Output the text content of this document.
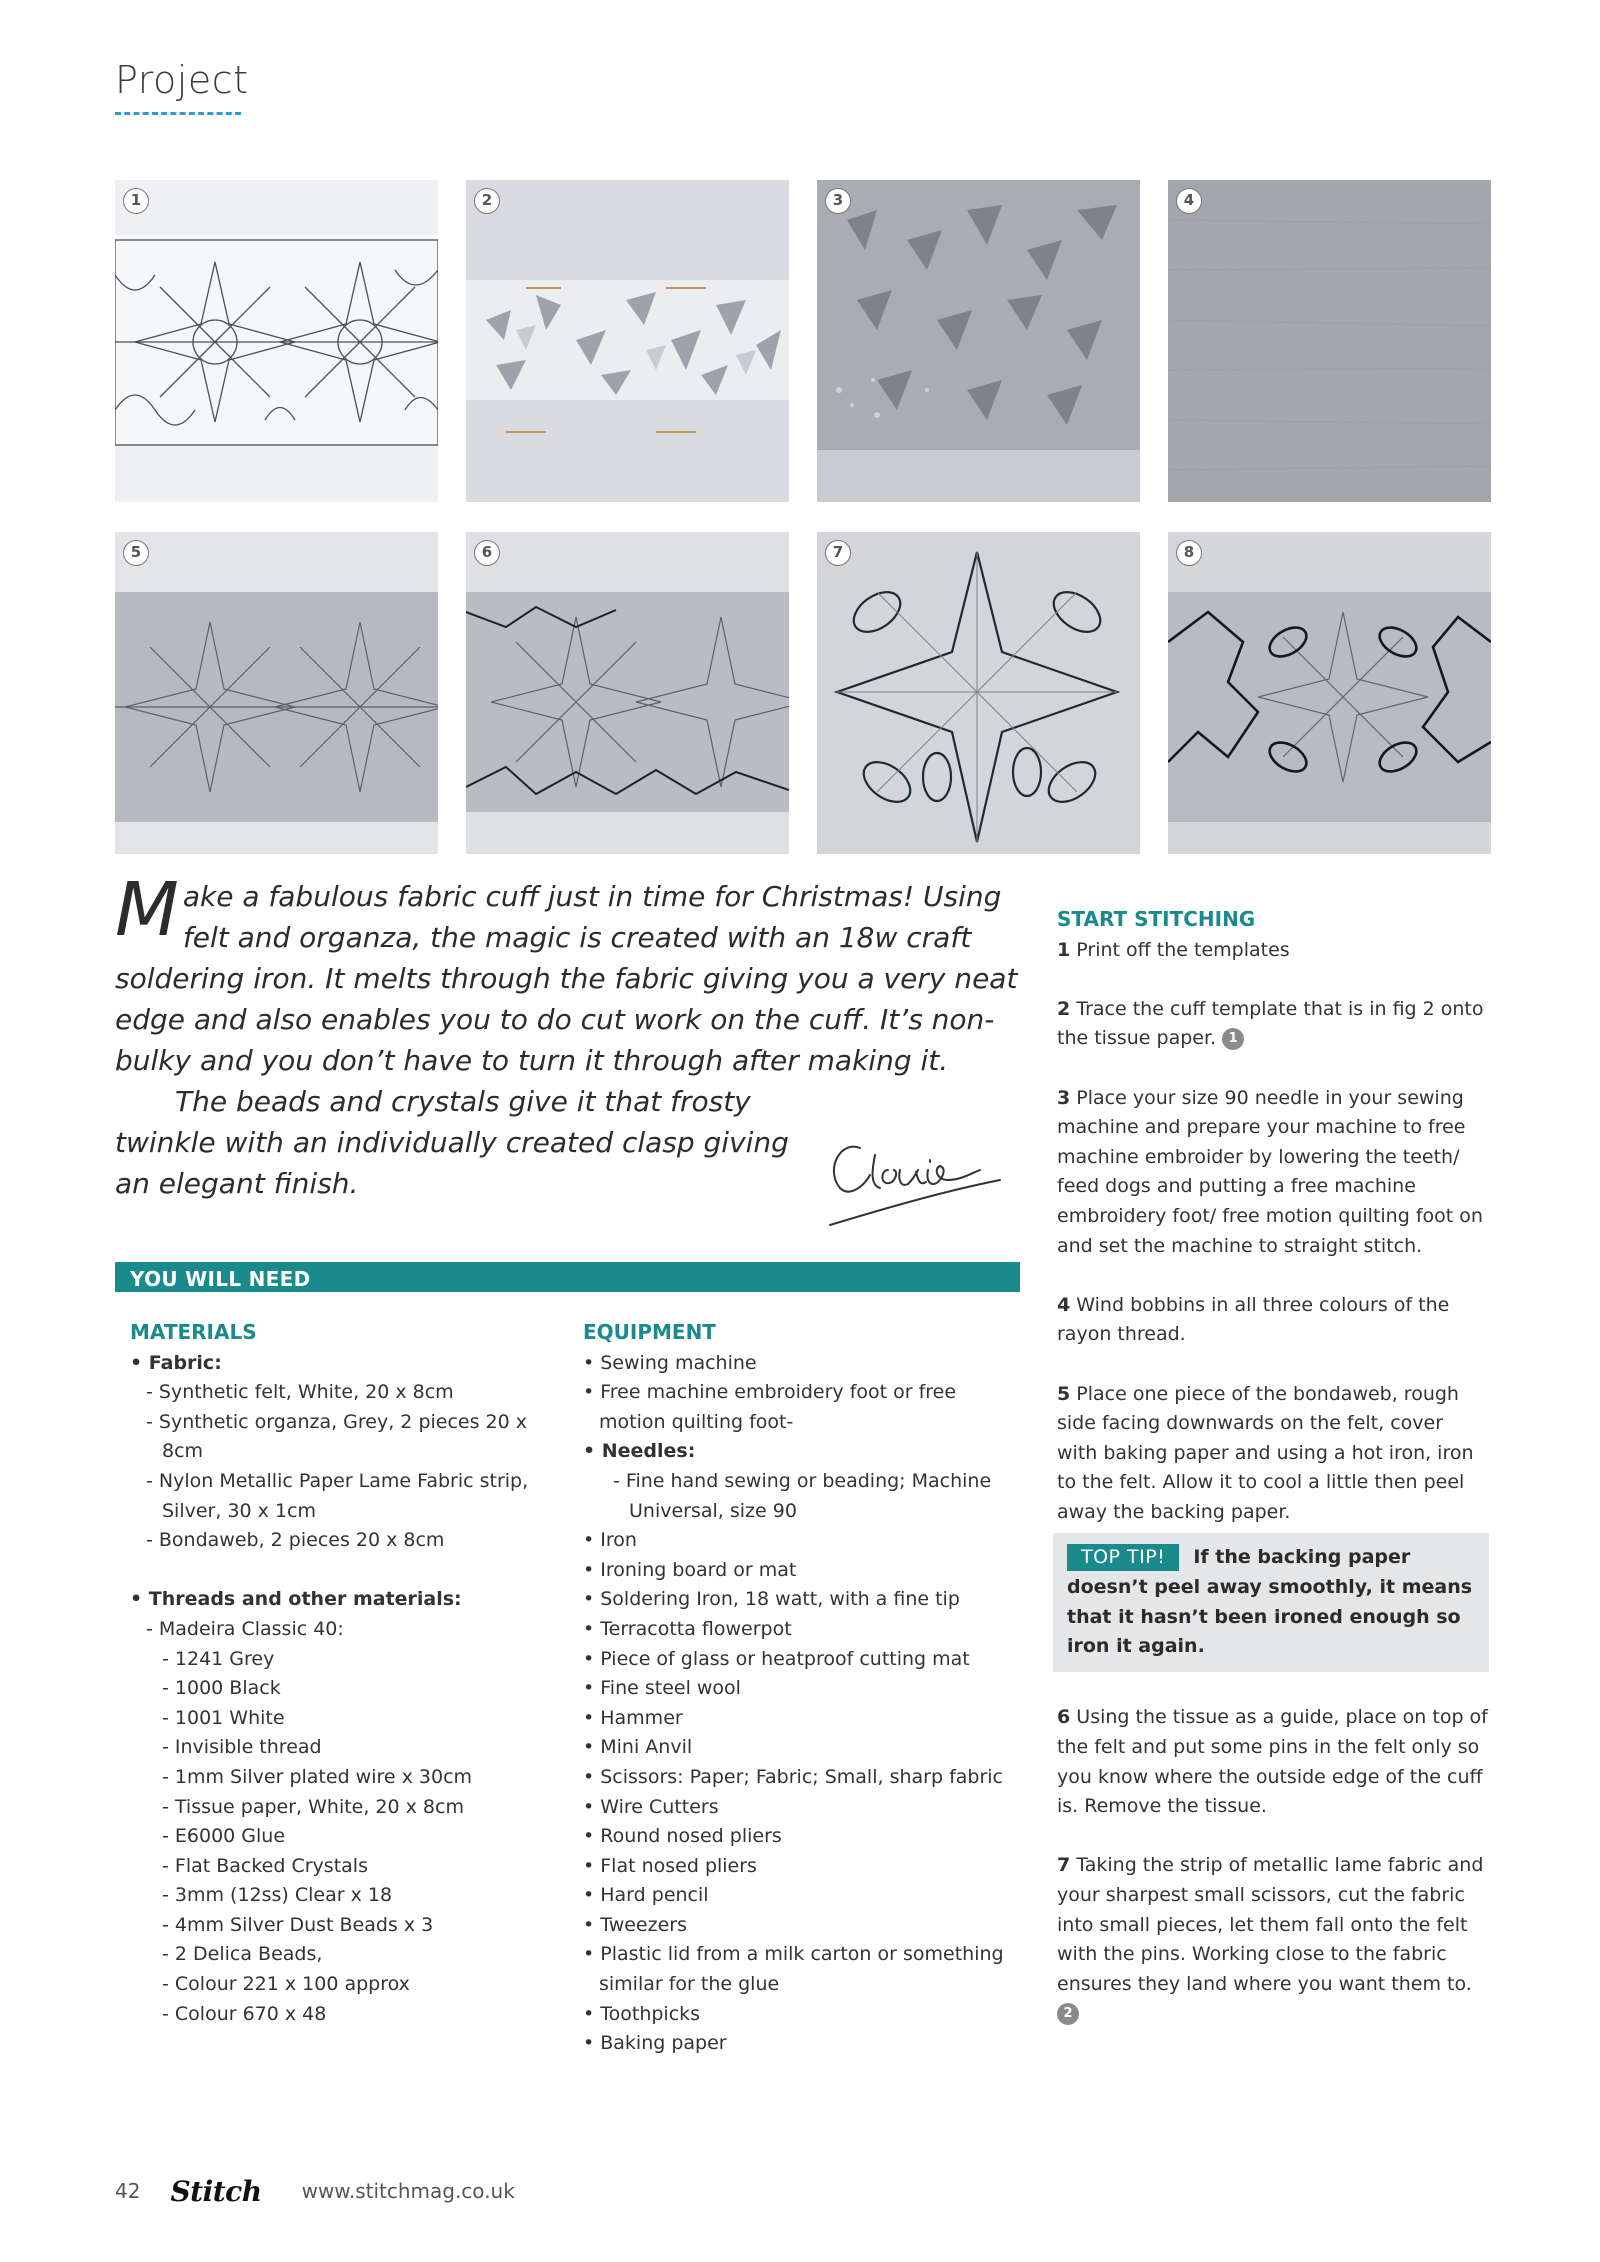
Project
1	2	3	4
5	6	7	8

Make a fabulous fabric cuff just in time for Christmas! Using felt and organza, the magic is created with an 18w craft soldering iron. It melts through the fabric giving you a very neat edge and also enables you to do cut work on the cuff. It’s non-bulky and you don’t have to turn it through after making it.

The beads and crystals give it that frosty twinkle with an individually created clasp giving an elegant finish.

YOU WILL NEED
MATERIALS
• Fabric:
- Synthetic felt, White, 20 x 8cm
- Synthetic organza, Grey, 2 pieces 20 x 8cm
- Nylon Metallic Paper Lame Fabric strip, Silver, 30 x 1cm
- Bondaweb, 2 pieces 20 x 8cm
• Threads and other materials:
- Madeira Classic 40:
- 1241 Grey
- 1000 Black
- 1001 White
- Invisible thread
- 1mm Silver plated wire x 30cm
- Tissue paper, White, 20 x 8cm
- E6000 Glue
- Flat Backed Crystals
- 3mm (12ss) Clear x 18
- 4mm Silver Dust Beads x 3
- 2 Delica Beads,
- Colour 221 x 100 approx
- Colour 670 x 48
EQUIPMENT
• Sewing machine
• Free machine embroidery foot or free motion quilting foot-
• Needles:
- Fine hand sewing or beading; Machine Universal, size 90
• Iron
• Ironing board or mat
• Soldering Iron, 18 watt, with a fine tip
• Terracotta flowerpot
• Piece of glass or heatproof cutting mat
• Fine steel wool
• Hammer
• Mini Anvil
• Scissors: Paper; Fabric; Small, sharp fabric
• Wire Cutters
• Round nosed pliers
• Flat nosed pliers
• Hard pencil
• Tweezers
• Plastic lid from a milk carton or something similar for the glue
• Toothpicks
• Baking paper
START STITCHING
1 Print off the templates
2 Trace the cuff template that is in fig 2 onto the tissue paper. 1
3 Place your size 90 needle in your sewing machine and prepare your machine to free machine embroider by lowering the teeth/ feed dogs and putting a free machine embroidery foot/ free motion quilting foot on and set the machine to straight stitch.
4 Wind bobbins in all three colours of the rayon thread.
5 Place one piece of the bondaweb, rough side facing downwards on the felt, cover with baking paper and using a hot iron, iron to the felt. Allow it to cool a little then peel away the backing paper.
TOP TIP! If the backing paper doesn’t peel away smoothly, it means that it hasn’t been ironed enough so iron it again.
6 Using the tissue as a guide, place on top of the felt and put some pins in the felt only so you know where the outside edge of the cuff is. Remove the tissue.
7 Taking the strip of metallic lame fabric and your sharpest small scissors, cut the fabric into small pieces, let them fall onto the felt with the pins. Working close to the fabric ensures they land where you want them to. 2
42 Stitch www.stitchmag.co.uk
